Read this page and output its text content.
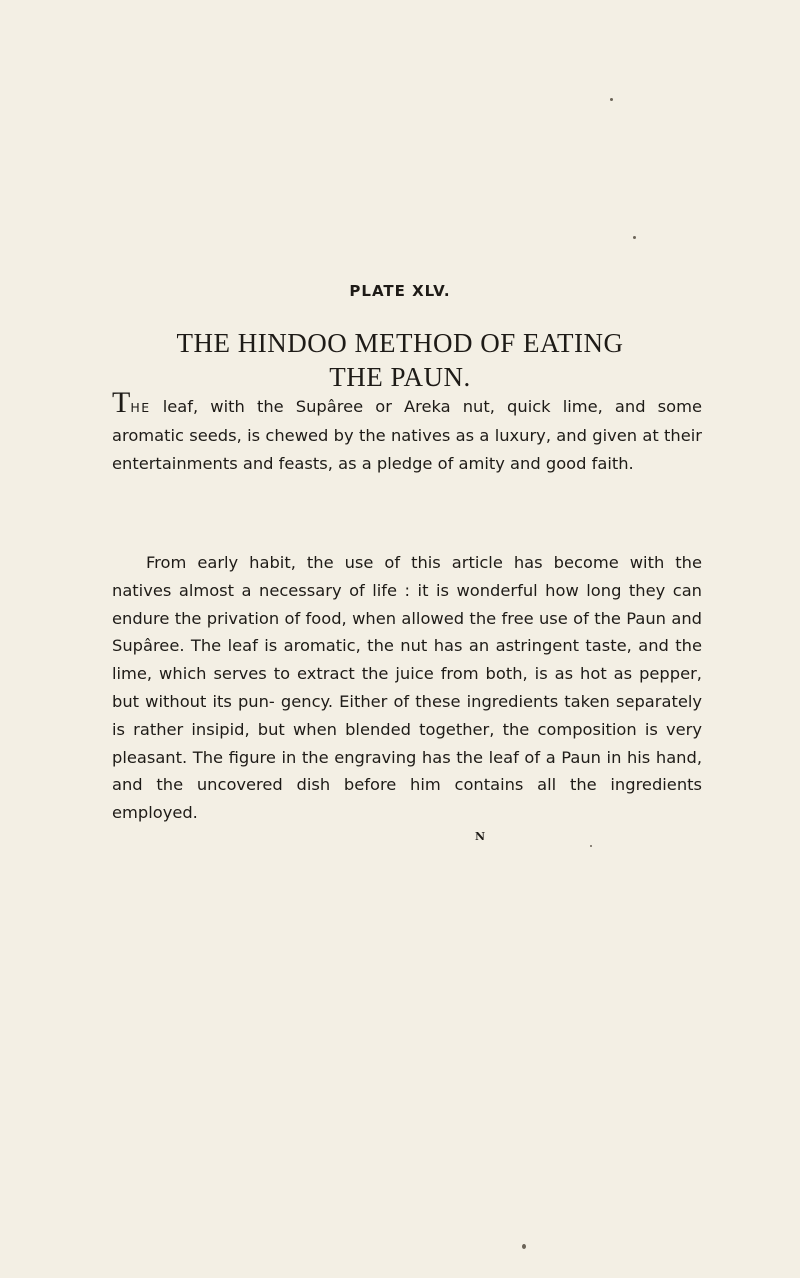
PLATE XLV.
THE HINDOO METHOD OF EATING
THE PAUN.
THE leaf, with the Supâree or Areka nut, quick lime, and some aromatic seeds, is chewed by the natives as a luxury, and given at their entertainments and feasts, as a pledge of amity and good faith.
From early habit, the use of this article has become with the natives almost a necessary of life : it is wonderful how long they can endure the privation of food, when allowed the free use of the Paun and Supâree. The leaf is aromatic, the nut has an astringent taste, and the lime, which serves to extract the juice from both, is as hot as pepper, but without its pun- gency. Either of these ingredients taken separately is rather insipid, but when blended together, the composition is very pleasant. The figure in the engraving has the leaf of a Paun in his hand, and the uncovered dish before him contains all the ingredients employed.
N
